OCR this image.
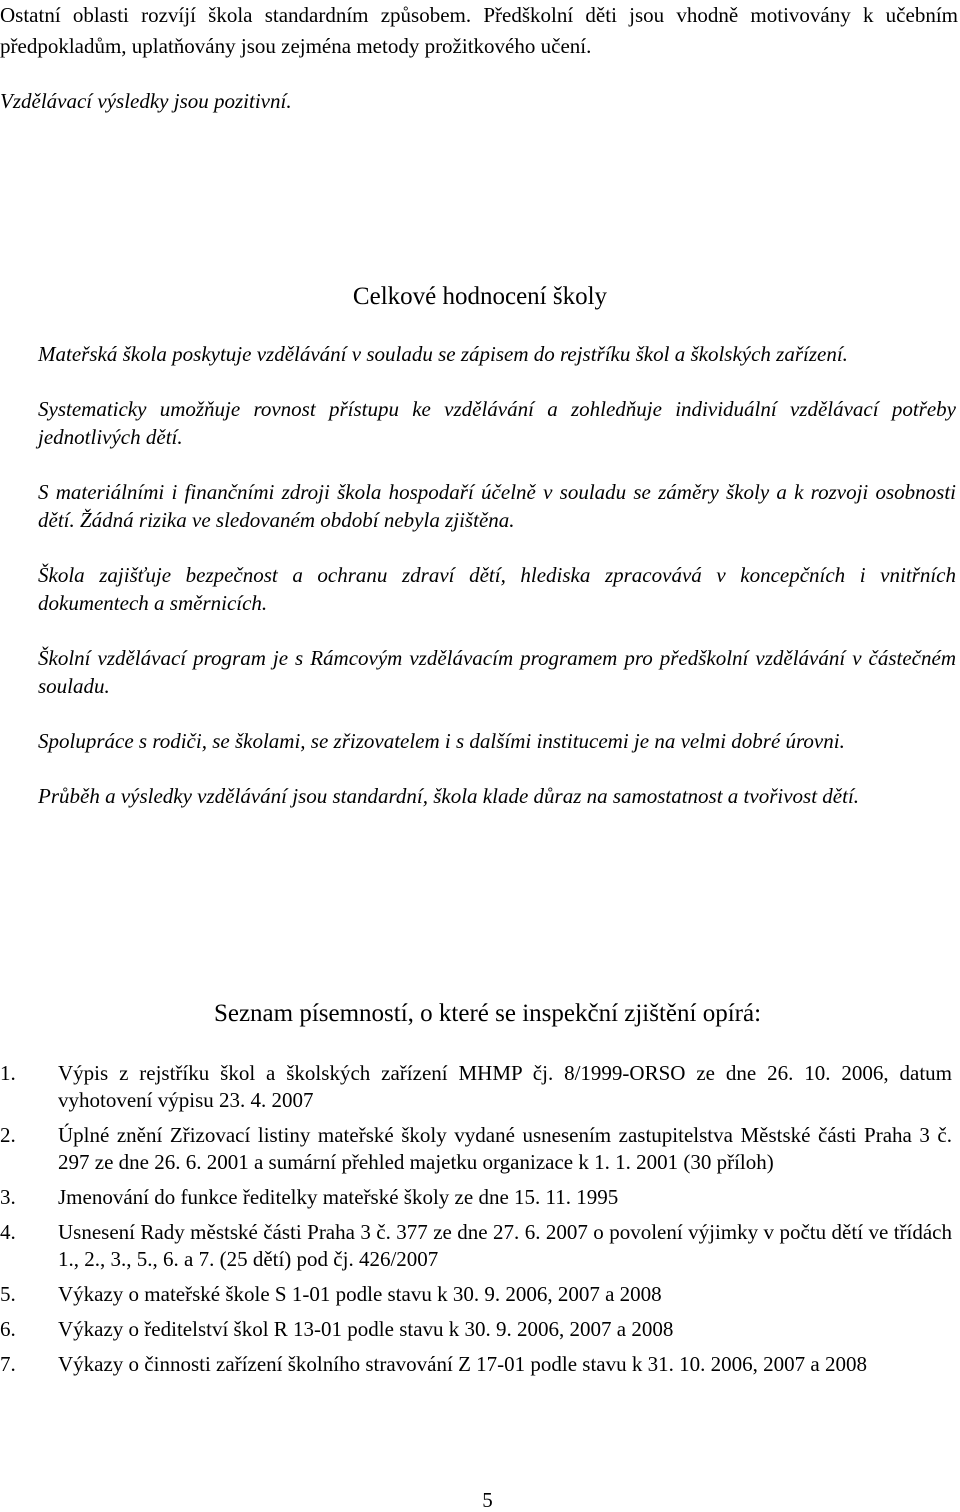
Ostatní oblasti rozvíjí škola standardním způsobem. Předškolní děti jsou vhodně motivovány k učebním předpokladům, uplatňovány jsou zejména metody prožitkového učení.

Vzdělávací výsledky jsou pozitivní.

Celkové hodnocení školy

Mateřská škola poskytuje vzdělávání v souladu se zápisem do rejstříku škol a školských zařízení.

Systematicky umožňuje rovnost přístupu ke vzdělávání a zohledňuje individuální vzdělávací potřeby jednotlivých dětí.

S materiálními i finančními zdroji škola hospodaří účelně v souladu se záměry školy a k rozvoji osobnosti dětí. Žádná rizika ve sledovaném období nebyla zjištěna.

Škola zajišťuje bezpečnost a ochranu zdraví dětí, hlediska zpracovává v koncepčních i vnitřních dokumentech a směrnicích.

Školní vzdělávací program je s Rámcovým vzdělávacím programem pro předškolní vzdělávání v částečném souladu.

Spolupráce s rodiči, se školami, se zřizovatelem i s dalšími institucemi je na velmi dobré úrovni.

Průběh a výsledky vzdělávání jsou standardní, škola klade důraz na samostatnost a tvořivost dětí.

Seznam písemností, o které se inspekční zjištění opírá:
1.	Výpis z rejstříku škol a školských zařízení MHMP čj. 8/1999-ORSO ze dne 26. 10. 2006, datum vyhotovení výpisu 23. 4. 2007
2.	Úplné znění Zřizovací listiny mateřské školy vydané usnesením zastupitelstva Městské části Praha 3 č. 297 ze dne 26. 6. 2001 a sumární přehled majetku organizace k 1. 1. 2001 (30 příloh)
3.	Jmenování do funkce ředitelky mateřské školy ze dne 15. 11. 1995
4.	Usnesení Rady městské části Praha 3 č. 377 ze dne 27. 6. 2007 o povolení výjimky v počtu dětí ve třídách 1., 2., 3., 5., 6. a 7. (25 dětí) pod čj. 426/2007
5.	Výkazy o mateřské škole S 1-01 podle stavu k 30. 9. 2006, 2007 a 2008
6.	Výkazy o ředitelství škol R 13-01 podle stavu k 30. 9. 2006, 2007 a 2008
7.	Výkazy o činnosti zařízení školního stravování Z 17-01 podle stavu k 31. 10. 2006, 2007 a 2008

5
